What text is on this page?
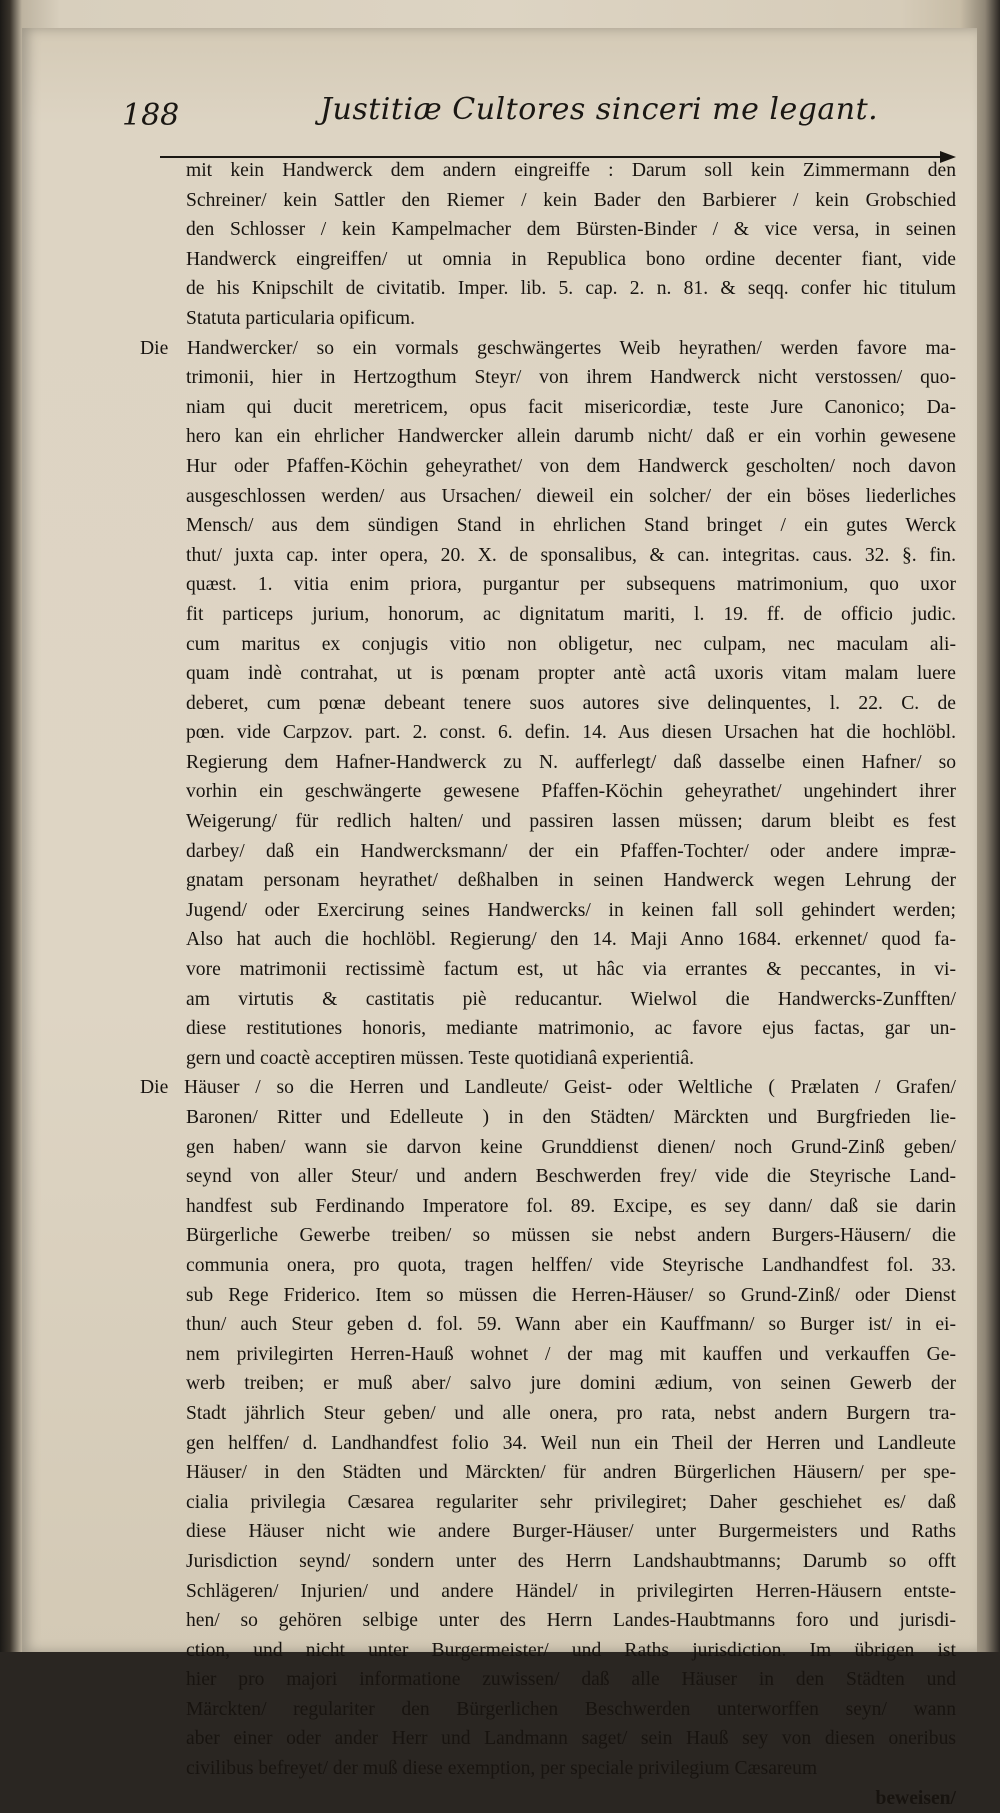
188	Justitiæ Cultores sinceri me legant.
mit kein Handwerck dem andern eingreiffe : Darum soll kein Zimmermann den
Schreiner/ kein Sattler den Riemer / kein Bader den Barbierer / kein Grobschied
den Schlosser / kein Kampelmacher dem Bürsten-Binder / & vice versa, in seinen
Handwerck eingreiffen/ ut omnia in Republica bono ordine decenter fiant, vide
de his Knipschilt de civitatib. Imper. lib. 5. cap. 2. n. 81. & seqq. confer hic titulum
Statuta particularia opificum.
Die Handwercker/ so ein vormals geschwängertes Weib heyrathen/ werden favore ma-
trimonii, hier in Hertzogthum Steyr/ von ihrem Handwerck nicht verstossen/ quo-
niam qui ducit meretricem, opus facit misericordiæ, teste Jure Canonico; Da-
hero kan ein ehrlicher Handwercker allein darumb nicht/ daß er ein vorhin gewesene
Hur oder Pfaffen-Köchin geheyrathet/ von dem Handwerck gescholten/ noch davon
ausgeschlossen werden/ aus Ursachen/ dieweil ein solcher/ der ein böses liederliches
Mensch/ aus dem sündigen Stand in ehrlichen Stand bringet / ein gutes Werck
thut/ juxta cap. inter opera, 20. X. de sponsalibus, & can. integritas. caus. 32. §. fin.
quæst. 1. vitia enim priora, purgantur per subsequens matrimonium, quo uxor
fit particeps jurium, honorum, ac dignitatum mariti, l. 19. ff. de officio judic.
cum maritus ex conjugis vitio non obligetur, nec culpam, nec maculam ali-
quam indè contrahat, ut is pœnam propter antè actâ uxoris vitam malam luere
deberet, cum pœnæ debeant tenere suos autores sive delinquentes, l. 22. C. de
pœn. vide Carpzov. part. 2. const. 6. defin. 14. Aus diesen Ursachen hat die hochlöbl.
Regierung dem Hafner-Handwerck zu N. aufferlegt/ daß dasselbe einen Hafner/ so
vorhin ein geschwängerte gewesene Pfaffen-Köchin geheyrathet/ ungehindert ihrer
Weigerung/ für redlich halten/ und passiren lassen müssen; darum bleibt es fest
darbey/ daß ein Handwercksmann/ der ein Pfaffen-Tochter/ oder andere impræ-
gnatam personam heyrathet/ deßhalben in seinen Handwerck wegen Lehrung der
Jugend/ oder Exercirung seines Handwercks/ in keinen fall soll gehindert werden;
Also hat auch die hochlöbl. Regierung/ den 14. Maji Anno 1684. erkennet/ quod fa-
vore matrimonii rectissimè factum est, ut hâc via errantes & peccantes, in vi-
am virtutis & castitatis piè reducantur. Wielwol die Handwercks-Zunfften/
diese restitutiones honoris, mediante matrimonio, ac favore ejus factas, gar un-
gern und coactè acceptiren müssen. Teste quotidianâ experientiâ.
Die Häuser / so die Herren und Landleute/ Geist- oder Weltliche ( Prælaten / Grafen/
Baronen/ Ritter und Edelleute ) in den Städten/ Märckten und Burgfrieden lie-
gen haben/ wann sie darvon keine Grunddienst dienen/ noch Grund-Zinß geben/
seynd von aller Steur/ und andern Beschwerden frey/ vide die Steyrische Land-
handfest sub Ferdinando Imperatore fol. 89. Excipe, es sey dann/ daß sie darin
Bürgerliche Gewerbe treiben/ so müssen sie nebst andern Burgers-Häusern/ die
communia onera, pro quota, tragen helffen/ vide Steyrische Landhandfest fol. 33.
sub Rege Friderico. Item so müssen die Herren-Häuser/ so Grund-Zinß/ oder Dienst
thun/ auch Steur geben d. fol. 59. Wann aber ein Kauffmann/ so Burger ist/ in ei-
nem privilegirten Herren-Hauß wohnet / der mag mit kauffen und verkauffen Ge-
werb treiben; er muß aber/ salvo jure domini ædium, von seinen Gewerb der
Stadt jährlich Steur geben/ und alle onera, pro rata, nebst andern Burgern tra-
gen helffen/ d. Landhandfest folio 34. Weil nun ein Theil der Herren und Landleute
Häuser/ in den Städten und Märckten/ für andren Bürgerlichen Häusern/ per spe-
cialia privilegia Cæsarea regulariter sehr privilegiret; Daher geschiehet es/ daß
diese Häuser nicht wie andere Burger-Häuser/ unter Burgermeisters und Raths
Jurisdiction seynd/ sondern unter des Herrn Landshaubtmanns; Darumb so offt
Schlägeren/ Injurien/ und andere Händel/ in privilegirten Herren-Häusern entste-
hen/ so gehören selbige unter des Herrn Landes-Haubtmanns foro und jurisdi-
ction, und nicht unter Burgermeister/ und Raths jurisdiction. Im übrigen ist
hier pro majori informatione zuwissen/ daß alle Häuser in den Städten und
Märckten/ regulariter den Bürgerlichen Beschwerden unterworffen seyn/ wann
aber einer oder ander Herr und Landmann saget/ sein Hauß sey von diesen oneribus
civilibus befreyet/ der muß diese exemption, per speciale privilegium Cæsareum
beweisen/
